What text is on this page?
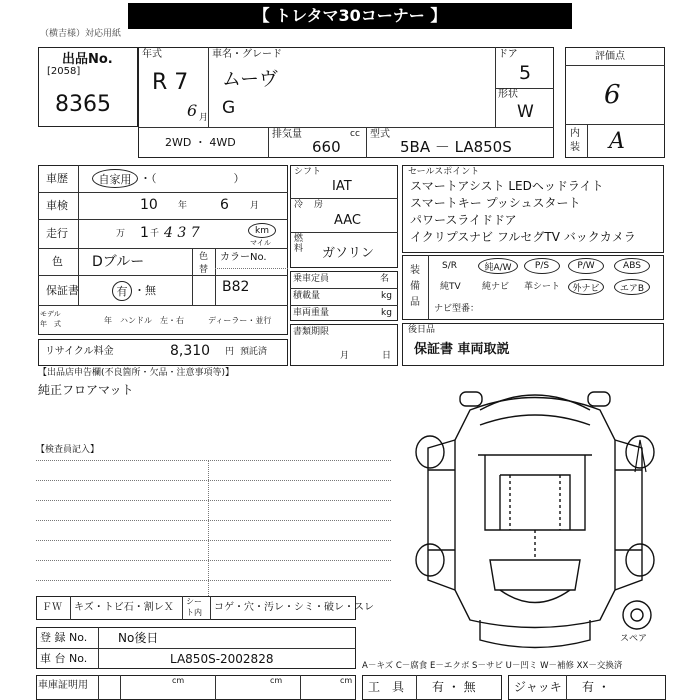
【 トレタマ30コーナー 】
（横吉様）対応用紙
出品No.
[2058]
8365
年式
R 7
6 月
車名・グレード
ムーヴ
G
ドア
5
形状
W
2WD ・ 4WD
排気量	cc
660
型式
5BA － LA850S
評価点
6
内
装 A
車歴	自家用 ・（　　　　　　　）
車検	10 年 6 月
走行	万 1 千 4 3 7	km
マイル
色 Dブルー	色
替
カラーNo.
B82
保証書	有 ・無
モデル
年　式	年 ハンドル　左・右	ディーラー・並行
リサイクル料金	8,310 円 預託済
シフト
IAT
冷 房
AAC
燃
料 ガソリン
乗車定員	名
積載量	kg
車両重量	kg
書類期限
月	日
セールスポイント
スマートアシスト LEDヘッドライト
スマートキー プッシュスタート
パワースライドドア
イクリプスナビ フルセグTV バックカメラ
装
備
品
S/R	純A/W	P/S	P/W	ABS
純TV 純ナビ 革シート	外ナビ	エアB
ナビ型番：
後日品
保証書 車両取説
【出品店申告欄(不良箇所・欠品・注意事項等)】
純正フロアマット
【検査員記入】
ＦＷ キズ・トビ石・割レＸ
シー
ト内 コゲ・穴・汚レ・シミ・破レ・スレ
登 録 No.	No後日
車 台 No.	LA850S-2002828
車庫証明用	cm	cm	cm
A－キズ C－腐食 E－エクボ S－サビ U－凹ミ W－補修 XX－交換済
工　具 有 ・ 無	ジャッキ 有 ・
スペア
